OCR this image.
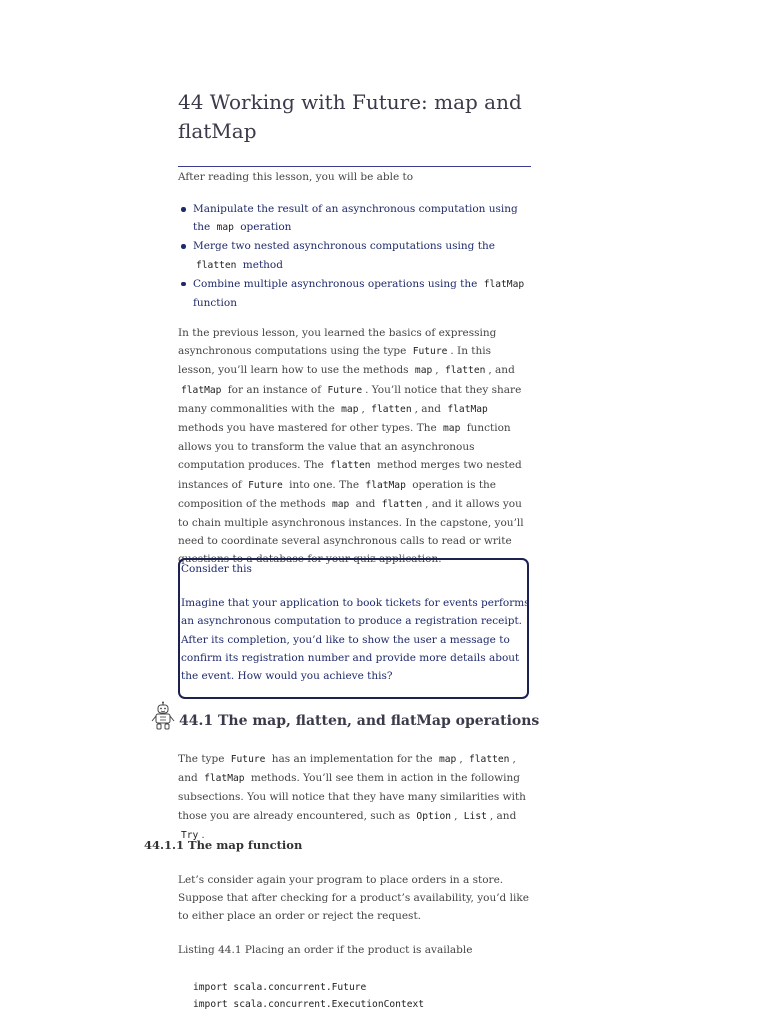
44 Working with Future: map and flatMap
After reading this lesson, you will be able to
Manipulate the result of an asynchronous computation using the map operation
Merge two nested asynchronous computations using the flatten method
Combine multiple asynchronous operations using the flatMap function

In the previous lesson, you learned the basics of expressing asynchronous computations using the type Future . In this lesson, you’ll learn how to use the methods map , flatten , and flatMap for an instance of Future . You’ll notice that they share many commonalities with the map , flatten , and flatMap methods you have mastered for other types. The map function allows you to transform the value that an asynchronous computation produces. The flatten method merges two nested instances of Future into one. The flatMap operation is the composition of the methods map and flatten , and it allows you to chain multiple asynchronous instances. In the capstone, you’ll need to coordinate several asynchronous calls to read or write questions to a database for your quiz application.

Consider this
Imagine that your application to book tickets for events performs an asynchronous computation to produce a registration receipt. After its completion, you’d like to show the user a message to confirm its registration number and provide more details about the event. How would you achieve this?
44.1 The map, flatten, and flatMap operations

The type Future has an implementation for the map , flatten , and flatMap methods. You’ll see them in action in the following subsections. You will notice that they have many similarities with those you are already encountered, such as Option , List , and Try .

44.1.1 The map function

Let’s consider again your program to place orders in a store. Suppose that after checking for a product’s availability, you’d like to either place an order or reject the request.

Listing 44.1 Placing an order if the product is available
import scala.concurrent.Future
import scala.concurrent.ExecutionContext
